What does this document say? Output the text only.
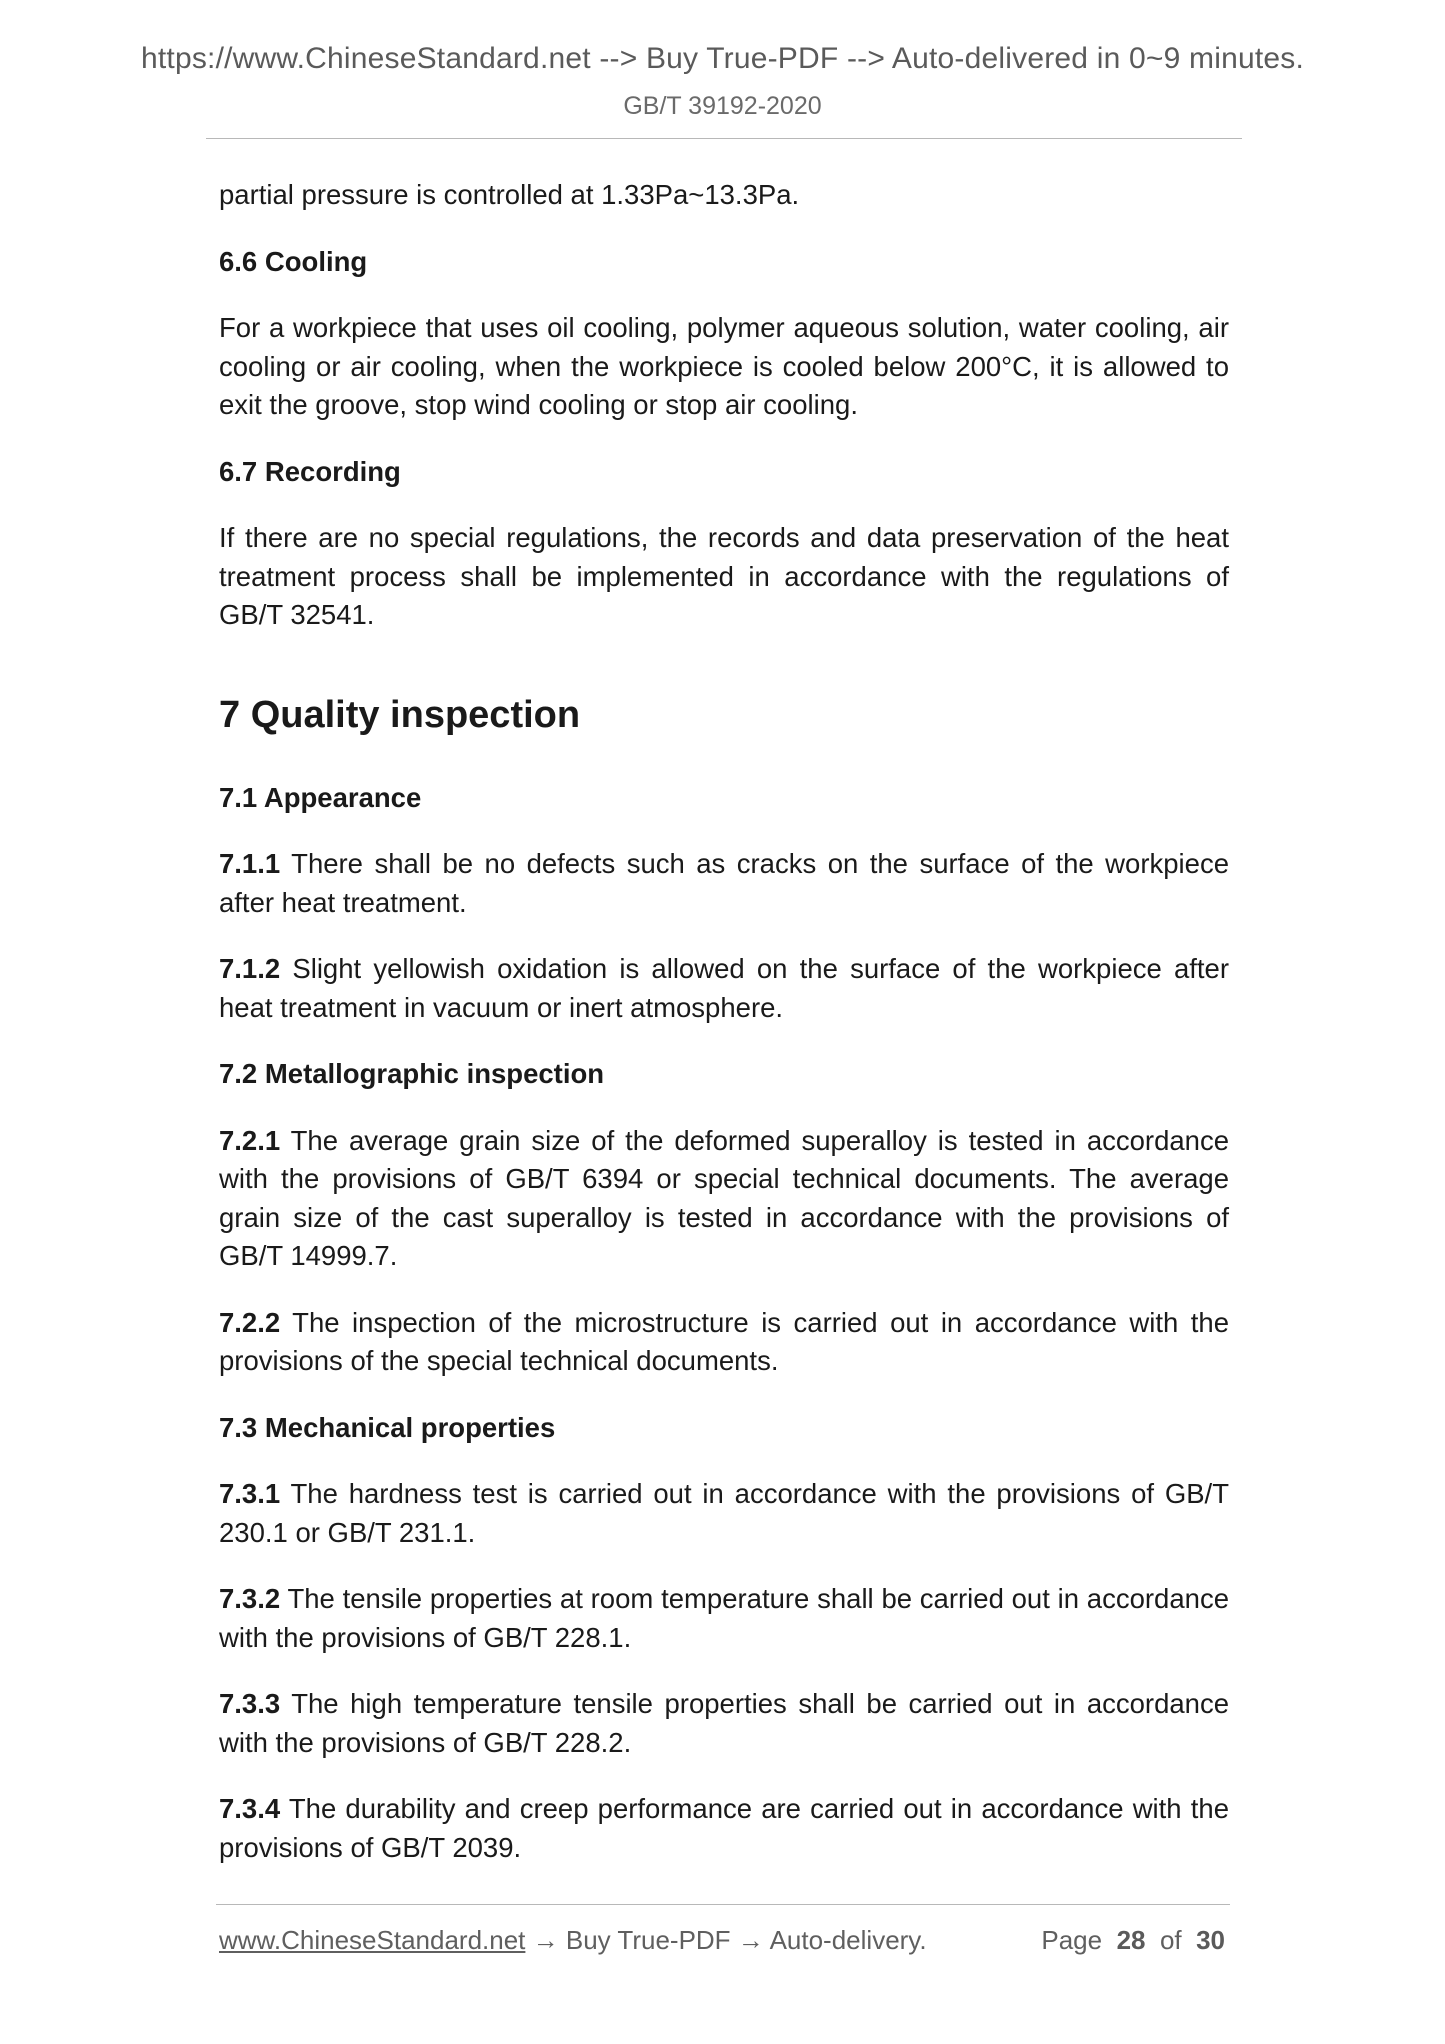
https://www.ChineseStandard.net --> Buy True-PDF --> Auto-delivered in 0~9 minutes.
GB/T 39192-2020

partial pressure is controlled at 1.33Pa~13.3Pa.

6.6 Cooling

For a workpiece that uses oil cooling, polymer aqueous solution, water cooling, air cooling or air cooling, when the workpiece is cooled below 200°C, it is allowed to exit the groove, stop wind cooling or stop air cooling.

6.7 Recording

If there are no special regulations, the records and data preservation of the heat treatment process shall be implemented in accordance with the regulations of GB/T 32541.

7 Quality inspection
7.1 Appearance

7.1.1 There shall be no defects such as cracks on the surface of the workpiece after heat treatment.

7.1.2 Slight yellowish oxidation is allowed on the surface of the workpiece after heat treatment in vacuum or inert atmosphere.

7.2 Metallographic inspection

7.2.1 The average grain size of the deformed superalloy is tested in accordance with the provisions of GB/T 6394 or special technical documents. The average grain size of the cast superalloy is tested in accordance with the provisions of GB/T 14999.7.

7.2.2 The inspection of the microstructure is carried out in accordance with the provisions of the special technical documents.

7.3 Mechanical properties

7.3.1 The hardness test is carried out in accordance with the provisions of GB/T 230.1 or GB/T 231.1.

7.3.2 The tensile properties at room temperature shall be carried out in accordance with the provisions of GB/T 228.1.

7.3.3 The high temperature tensile properties shall be carried out in accordance with the provisions of GB/T 228.2.

7.3.4 The durability and creep performance are carried out in accordance with the provisions of GB/T 2039.

www.ChineseStandard.net → Buy True-PDF → Auto-delivery.	Page 28 of 30
